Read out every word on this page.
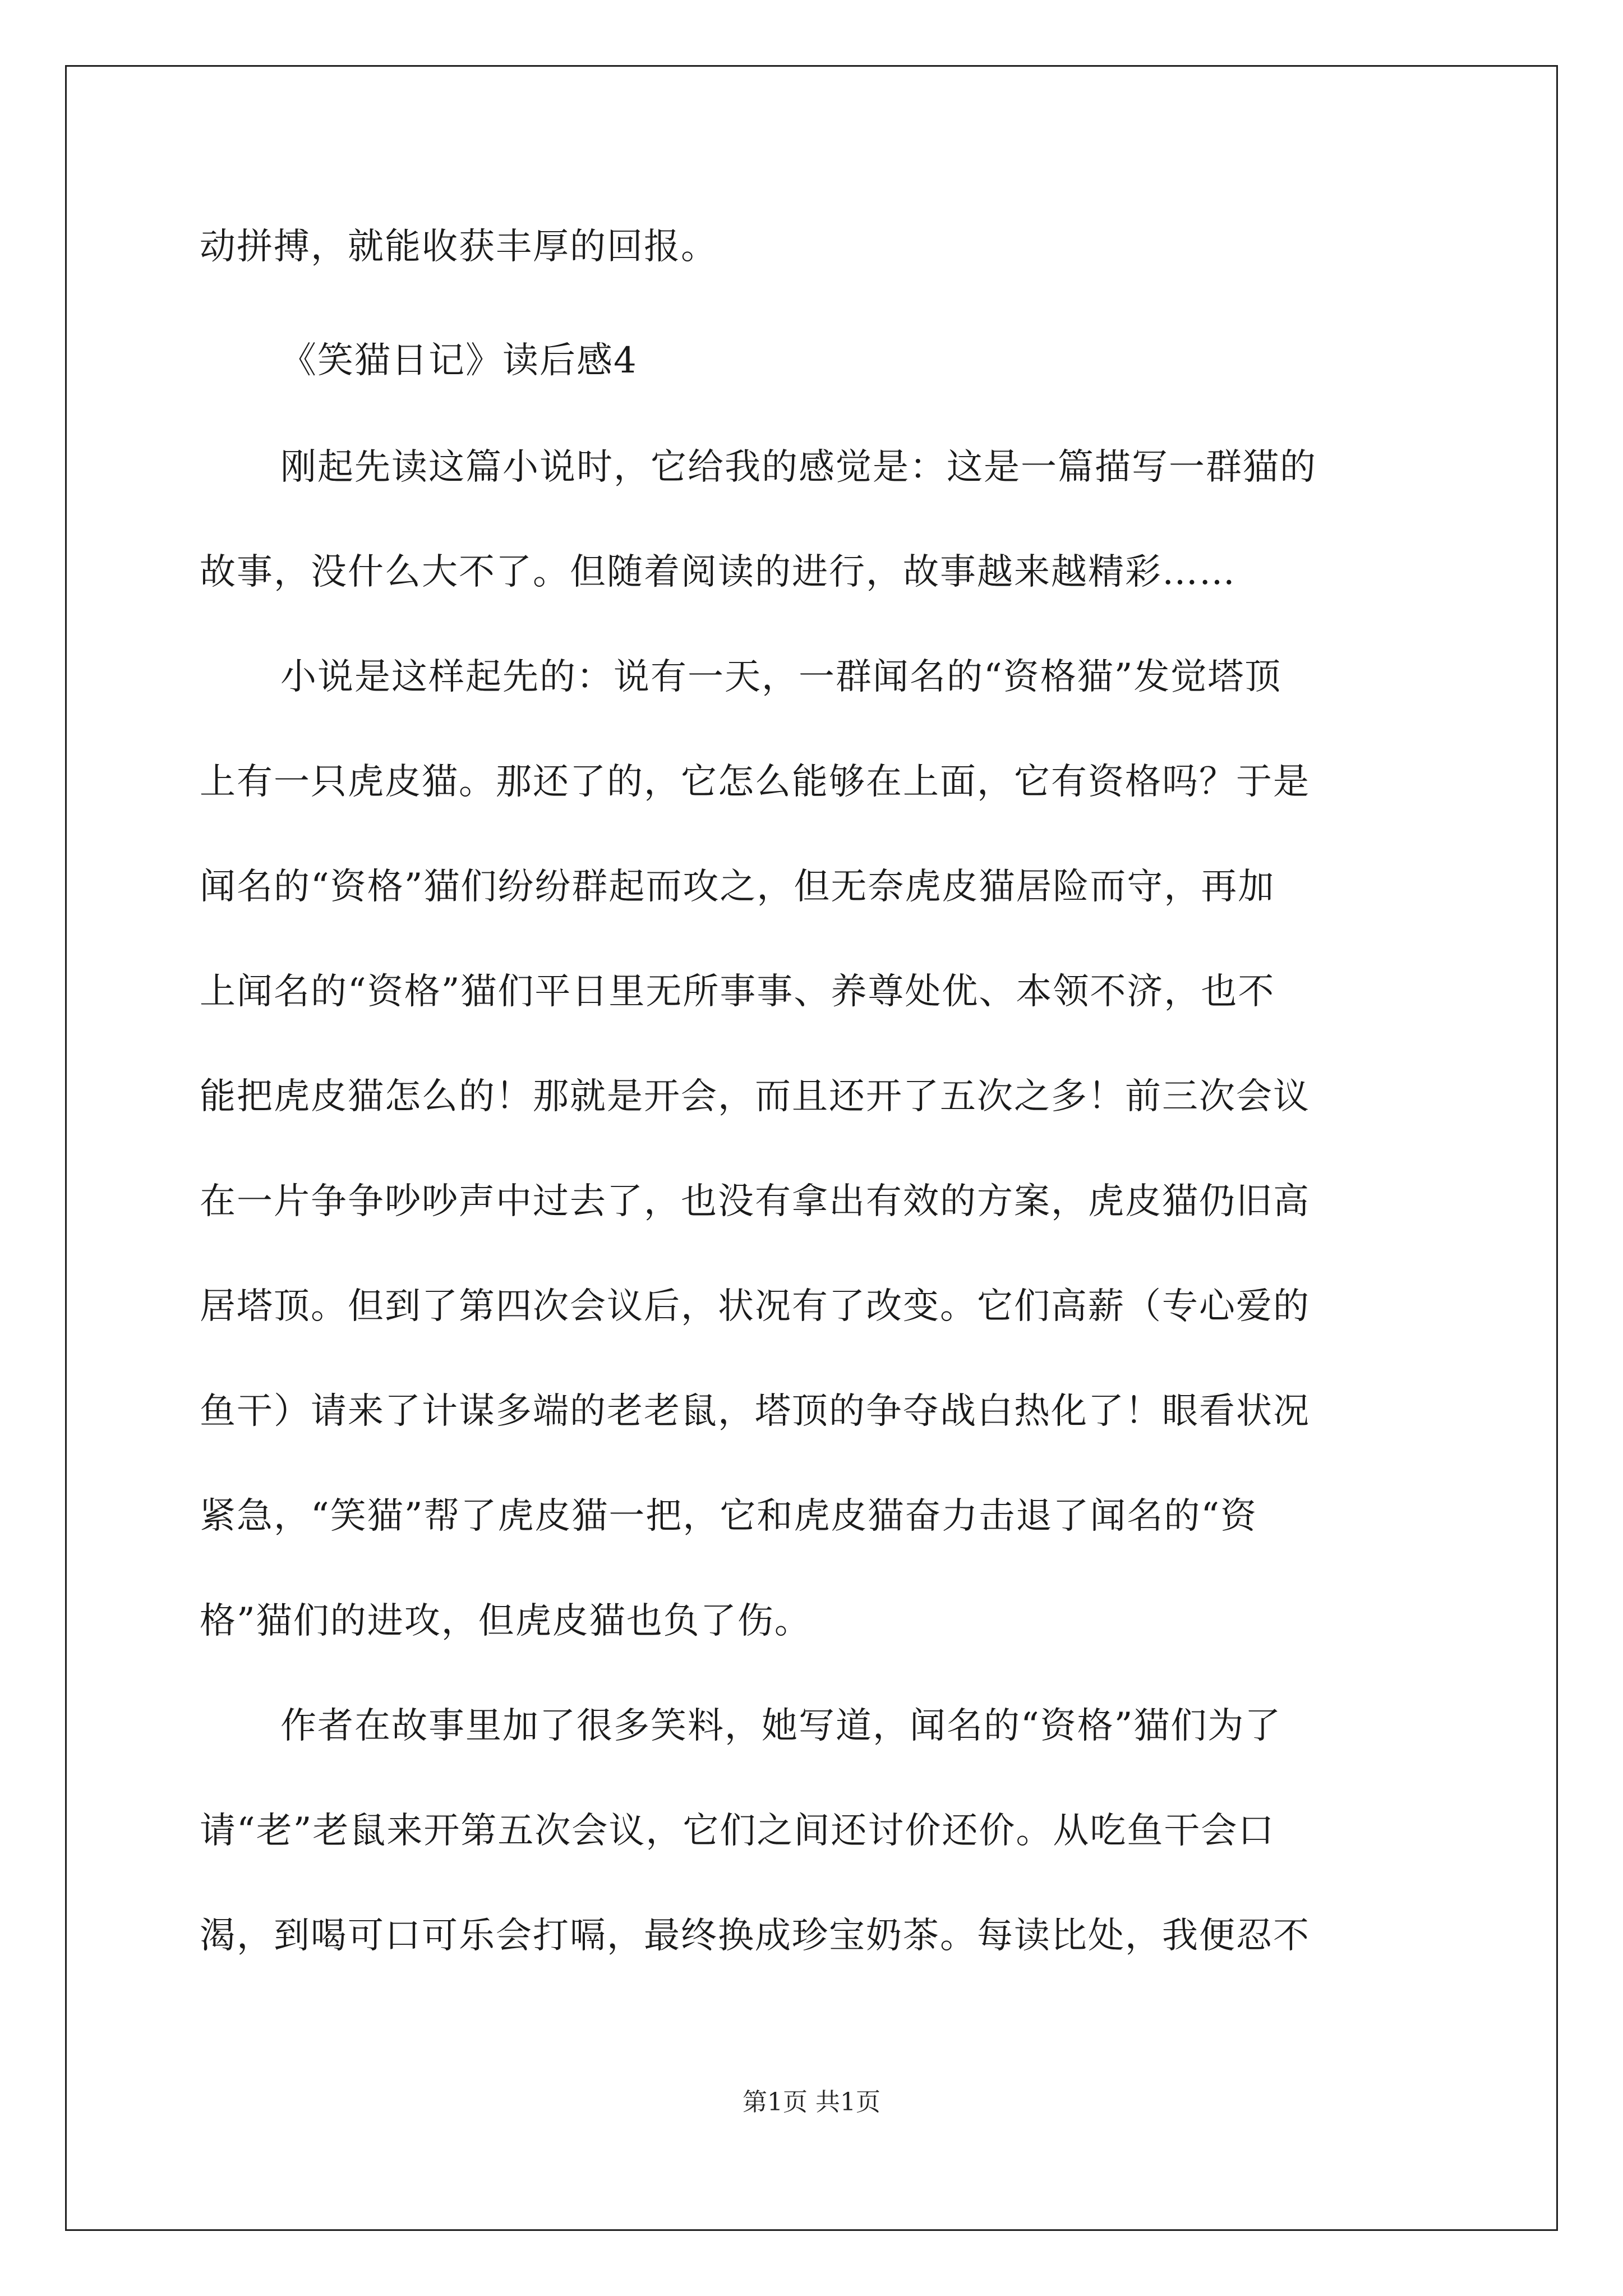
动拼搏，就能收获丰厚的回报。
《笑猫日记》读后感4
刚起先读这篇小说时，它给我的感觉是：这是一篇描写一群猫的
故事，没什么大不了。但随着阅读的进行，故事越来越精彩……
小说是这样起先的：说有一天，一群闻名的“资格猫”发觉塔顶
上有一只虎皮猫。那还了的，它怎么能够在上面，它有资格吗？于是
闻名的“资格”猫们纷纷群起而攻之，但无奈虎皮猫居险而守，再加
上闻名的“资格”猫们平日里无所事事、养尊处优、本领不济，也不
能把虎皮猫怎么的！那就是开会，而且还开了五次之多！前三次会议
在一片争争吵吵声中过去了，也没有拿出有效的方案，虎皮猫仍旧高
居塔顶。但到了第四次会议后，状况有了改变。它们高薪（专心爱的
鱼干）请来了计谋多端的老老鼠，塔顶的争夺战白热化了！眼看状况
紧急，“笑猫”帮了虎皮猫一把，它和虎皮猫奋力击退了闻名的“资
格”猫们的进攻，但虎皮猫也负了伤。
作者在故事里加了很多笑料，她写道，闻名的“资格”猫们为了
请“老”老鼠来开第五次会议，它们之间还讨价还价。从吃鱼干会口
渴，到喝可口可乐会打嗝，最终换成珍宝奶茶。每读比处，我便忍不
第1页 共1页
